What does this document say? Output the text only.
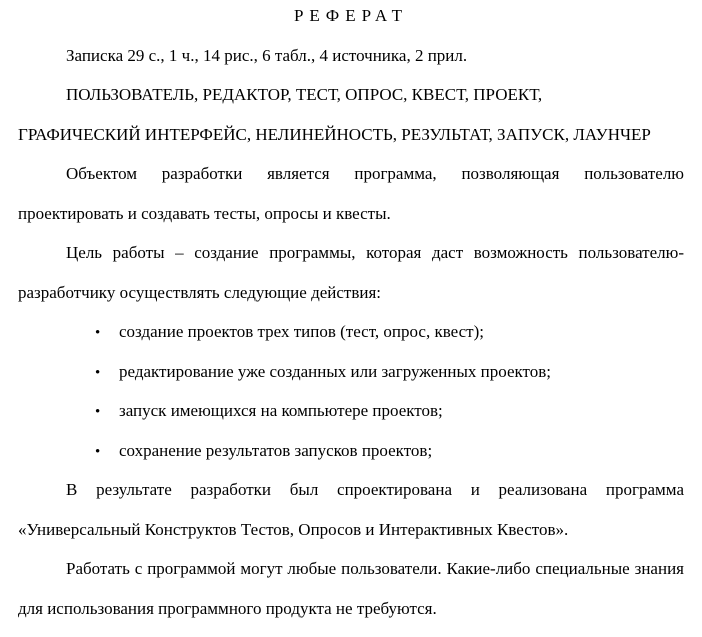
РЕФЕРАТ
Записка 29 с., 1 ч., 14 рис., 6 табл., 4 источника, 2 прил.
ПОЛЬЗОВАТЕЛЬ, РЕДАКТОР, ТЕСТ, ОПРОС, КВЕСТ, ПРОЕКТ,
ГРАФИЧЕСКИЙ ИНТЕРФЕЙС, НЕЛИНЕЙНОСТЬ, РЕЗУЛЬТАТ, ЗАПУСК, ЛАУНЧЕР
Объектом разработки является программа, позволяющая пользователю
проектировать и создавать тесты, опросы и квесты.
Цель работы – создание программы, которая даст возможность пользователю-
разработчику осуществлять следующие действия:
• создание проектов трех типов (тест, опрос, квест);
• редактирование уже созданных или загруженных проектов;
• запуск имеющихся на компьютере проектов;
• сохранение результатов запусков проектов;
В результате разработки был спроектирована и реализована программа
«Универсальный Конструктов Тестов, Опросов и Интерактивных Квестов».
Работать с программой могут любые пользователи. Какие-либо специальные знания
для использования программного продукта не требуются.
